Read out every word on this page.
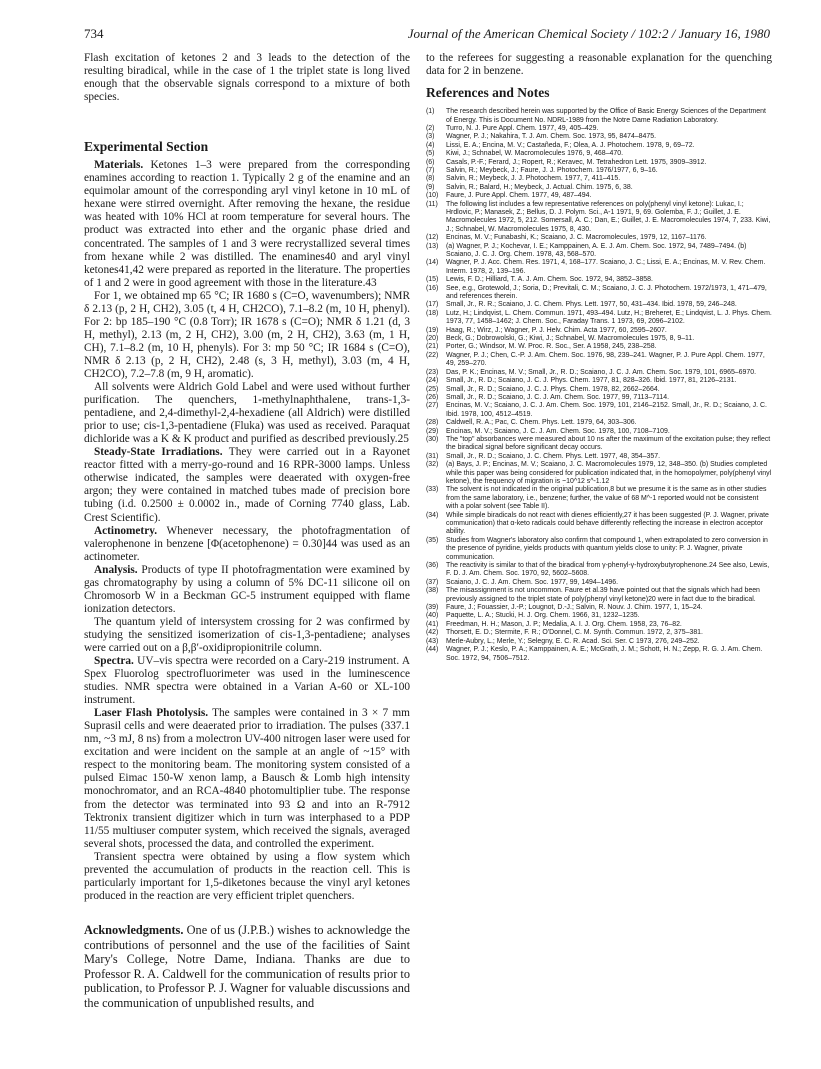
734	Journal of the American Chemical Society / 102:2 / January 16, 1980

Flash excitation of ketones 2 and 3 leads to the detection of the resulting biradical, while in the case of 1 the triplet state is long lived enough that the observable signals correspond to a mixture of both species.

Experimental Section

Materials. Ketones 1–3 were prepared from the corresponding enamines according to reaction 1. Typically 2 g of the enamine and an equimolar amount of the corresponding aryl vinyl ketone in 10 mL of hexane were stirred overnight. After removing the hexane, the residue was heated with 10% HCl at room temperature for several hours. The product was extracted into ether and the organic phase dried and concentrated. The samples of 1 and 3 were recrystallized several times from hexane while 2 was distilled. The enamines40 and aryl vinyl ketones41,42 were prepared as reported in the literature. The properties of 1 and 2 were in good agreement with those in the literature.43

For 1, we obtained mp 65 °C; IR 1680 s (C=O, wavenumbers); NMR δ 2.13 (p, 2 H, CH2), 3.05 (t, 4 H, CH2CO), 7.1–8.2 (m, 10 H, phenyl). For 2: bp 185–190 °C (0.8 Torr); IR 1678 s (C=O); NMR δ 1.21 (d, 3 H, methyl), 2.13 (m, 2 H, CH2), 3.00 (m, 2 H, CH2), 3.63 (m, 1 H, CH), 7.1–8.2 (m, 10 H, phenyls). For 3: mp 50 °C; IR 1684 s (C=O), NMR δ 2.13 (p, 2 H, CH2), 2.48 (s, 3 H, methyl), 3.03 (m, 4 H, CH2CO), 7.2–7.8 (m, 9 H, aromatic).

All solvents were Aldrich Gold Label and were used without further purification. The quenchers, 1-methylnaphthalene, trans-1,3-pentadiene, and 2,4-dimethyl-2,4-hexadiene (all Aldrich) were distilled prior to use; cis-1,3-pentadiene (Fluka) was used as received. Paraquat dichloride was a K & K product and purified as described previously.25

Steady-State Irradiations. They were carried out in a Rayonet reactor fitted with a merry-go-round and 16 RPR-3000 lamps. Unless otherwise indicated, the samples were deaerated with oxygen-free argon; they were contained in matched tubes made of precision bore tubing (i.d. 0.2500 ± 0.0002 in., made of Corning 7740 glass, Lab. Crest Scientific).

Actinometry. Whenever necessary, the photofragmentation of valerophenone in benzene [Φ(acetophenone) = 0.30]44 was used as an actinometer.

Analysis. Products of type II photofragmentation were examined by gas chromatography by using a column of 5% DC-11 silicone oil on Chromosorb W in a Beckman GC-5 instrument equipped with flame ionization detectors.

The quantum yield of intersystem crossing for 2 was confirmed by studying the sensitized isomerization of cis-1,3-pentadiene; analyses were carried out on a β,β′-oxidipropionitrile column.

Spectra. UV–vis spectra were recorded on a Cary-219 instrument. A Spex Fluorolog spectrofluorimeter was used in the luminescence studies. NMR spectra were obtained in a Varian A-60 or XL-100 instrument.

Laser Flash Photolysis. The samples were contained in 3 × 7 mm Suprasil cells and were deaerated prior to irradiation. The pulses (337.1 nm, ~3 mJ, 8 ns) from a molectron UV-400 nitrogen laser were used for excitation and were incident on the sample at an angle of ~15° with respect to the monitoring beam. The monitoring system consisted of a pulsed Eimac 150-W xenon lamp, a Bausch & Lomb high intensity monochromator, and an RCA-4840 photomultiplier tube. The response from the detector was terminated into 93 Ω and into an R-7912 Tektronix transient digitizer which in turn was interphased to a PDP 11/55 multiuser computer system, which received the signals, averaged several shots, processed the data, and controlled the experiment.

Transient spectra were obtained by using a flow system which prevented the accumulation of products in the reaction cell. This is particularly important for 1,5-diketones because the vinyl aryl ketones produced in the reaction are very efficient triplet quenchers.

Acknowledgments. One of us (J.P.B.) wishes to acknowledge the contributions of personnel and the use of the facilities of Saint Mary's College, Notre Dame, Indiana. Thanks are due to Professor R. A. Caldwell for the communication of results prior to publication, to Professor P. J. Wagner for valuable discussions and the communication of unpublished results, and

to the referees for suggesting a reasonable explanation for the quenching data for 2 in benzene.

References and Notes
(1)	The research described herein was supported by the Office of Basic Energy Sciences of the Department of Energy. This is Document No. NDRL-1989 from the Notre Dame Radiation Laboratory.
(2)	Turro, N. J. Pure Appl. Chem. 1977, 49, 405–429.
(3)	Wagner, P. J.; Nakahira, T. J. Am. Chem. Soc. 1973, 95, 8474–8475.
(4)	Lissi, E. A.; Encina, M. V.; Castañeda, F.; Olea, A. J. Photochem. 1978, 9, 69–72.
(5)	Kiwi, J.; Schnabel, W. Macromolecules 1976, 9, 468–470.
(6)	Casals, P.-F.; Ferard, J.; Ropert, R.; Keravec, M. Tetrahedron Lett. 1975, 3909–3912.
(7)	Salvin, R.; Meybeck, J.; Faure, J. J. Photochem. 1976/1977, 6, 9–16.
(8)	Salvin, R.; Meybeck, J. J. Photochem. 1977, 7, 411–415.
(9)	Salvin, R.; Balard, H.; Meybeck, J. Actual. Chim. 1975, 6, 38.
(10)	Faure, J. Pure Appl. Chem. 1977, 49, 487–494.
(11)	The following list includes a few representative references on poly(phenyl vinyl ketone): Lukac, I.; Hrdlovic, P.; Manasek, Z.; Bellus, D. J. Polym. Sci., A-1 1971, 9, 69. Golemba, F. J.; Guillet, J. E. Macromolecules 1972, 5, 212. Somersall, A. C.; Dan, E.; Guillet, J. E. Macromolecules 1974, 7, 233. Kiwi, J.; Schnabel, W. Macromolecules 1975, 8, 430.
(12)	Encinas, M. V.; Funabashi, K.; Scaiano, J. C. Macromolecules, 1979, 12, 1167–1176.
(13)	(a) Wagner, P. J.; Kochevar, I. E.; Kamppainen, A. E. J. Am. Chem. Soc. 1972, 94, 7489–7494. (b) Scaiano, J. C. J. Org. Chem. 1978, 43, 568–570.
(14)	Wagner, P. J. Acc. Chem. Res. 1971, 4, 168–177. Scaiano, J. C.; Lissi, E. A.; Encinas, M. V. Rev. Chem. Interm. 1978, 2, 139–196.
(15)	Lewis, F. D.; Hilliard, T. A. J. Am. Chem. Soc. 1972, 94, 3852–3858.
(16)	See, e.g., Grotewold, J.; Soria, D.; Previtali, C. M.; Scaiano, J. C. J. Photochem. 1972/1973, 1, 471–479, and references therein.
(17)	Small, Jr., R. R.; Scaiano, J. C. Chem. Phys. Lett. 1977, 50, 431–434. Ibid. 1978, 59, 246–248.
(18)	Lutz, H.; Lindqvist, L. Chem. Commun. 1971, 493–494. Lutz, H.; Breheret, E.; Lindqvist, L. J. Phys. Chem. 1973, 77, 1458–1462; J. Chem. Soc., Faraday Trans. 1 1973, 69, 2096–2102.
(19)	Haag, R.; Wirz, J.; Wagner, P. J. Helv. Chim. Acta 1977, 60, 2595–2607.
(20)	Beck, G.; Dobrowolski, G.; Kiwi, J.; Schnabel, W. Macromolecules 1975, 8, 9–11.
(21)	Porter, G.; Windsor, M. W. Proc. R. Soc., Ser. A 1958, 245, 238–258.
(22)	Wagner, P. J.; Chen, C.-P. J. Am. Chem. Soc. 1976, 98, 239–241. Wagner, P. J. Pure Appl. Chem. 1977, 49, 259–270.
(23)	Das, P. K.; Encinas, M. V.; Small, Jr., R. D.; Scaiano, J. C. J. Am. Chem. Soc. 1979, 101, 6965–6970.
(24)	Small, Jr., R. D.; Scaiano, J. C. J. Phys. Chem. 1977, 81, 828–326. Ibid. 1977, 81, 2126–2131.
(25)	Small, Jr., R. D.; Scaiano, J. C. J. Phys. Chem. 1978, 82, 2662–2664.
(26)	Small, Jr., R. D.; Scaiano, J. C. J. Am. Chem. Soc. 1977, 99, 7113–7114.
(27)	Encinas, M. V.; Scaiano, J. C. J. Am. Chem. Soc. 1979, 101, 2146–2152. Small, Jr., R. D.; Scaiano, J. C. Ibid. 1978, 100, 4512–4519.
(28)	Caldwell, R. A.; Pac, C. Chem. Phys. Lett. 1979, 64, 303–306.
(29)	Encinas, M. V.; Scaiano, J. C. J. Am. Chem. Soc. 1978, 100, 7108–7109.
(30)	The "top" absorbances were measured about 10 ns after the maximum of the excitation pulse; they reflect the biradical signal before significant decay occurs.
(31)	Small, Jr., R. D.; Scaiano, J. C. Chem. Phys. Lett. 1977, 48, 354–357.
(32)	(a) Bays, J. P.; Encinas, M. V.; Scaiano, J. C. Macromolecules 1979, 12, 348–350. (b) Studies completed while this paper was being considered for publication indicated that, in the homopolymer, poly(phenyl vinyl ketone), the frequency of migration is ~10^12 s^-1.12
(33)	The solvent is not indicated in the original publication,8 but we presume it is the same as in other studies from the same laboratory, i.e., benzene; further, the value of 68 M^-1 reported would not be consistent with a polar solvent (see Table II).
(34)	While simple biradicals do not react with dienes efficiently,27 it has been suggested (P. J. Wagner, private communication) that α-keto radicals could behave differently reflecting the increase in electron acceptor ability.
(35)	Studies from Wagner's laboratory also confirm that compound 1, when extrapolated to zero conversion in the presence of pyridine, yields products with quantum yields close to unity: P. J. Wagner, private communication.
(36)	The reactivity is similar to that of the biradical from γ-phenyl-γ-hydroxybutyrophenone.24 See also, Lewis, F. D. J. Am. Chem. Soc. 1970, 92, 5602–5608.
(37)	Scaiano, J. C. J. Am. Chem. Soc. 1977, 99, 1494–1496.
(38)	The misassignment is not uncommon. Faure et al.39 have pointed out that the signals which had been previously assigned to the triplet state of poly(phenyl vinyl ketone)20 were in fact due to the biradical.
(39)	Faure, J.; Fouassier, J.-P.; Lougnot, D.-J.; Salvin, R. Nouv. J. Chim. 1977, 1, 15–24.
(40)	Paquette, L. A.; Stucki, H. J. Org. Chem. 1966, 31, 1232–1235.
(41)	Freedman, H. H.; Mason, J. P.; Medalia, A. I. J. Org. Chem. 1958, 23, 76–82.
(42)	Thorsett, E. D.; Stermite, F. R.; O'Donnel, C. M. Synth. Commun. 1972, 2, 375–381.
(43)	Merle-Aubry, L.; Merle, Y.; Selegny, E. C. R. Acad. Sci. Ser. C 1973, 276, 249–252.
(44)	Wagner, P. J.; Keslo, P. A.; Kamppainen, A. E.; McGrath, J. M.; Schott, H. N.; Zepp, R. G. J. Am. Chem. Soc. 1972, 94, 7506–7512.
